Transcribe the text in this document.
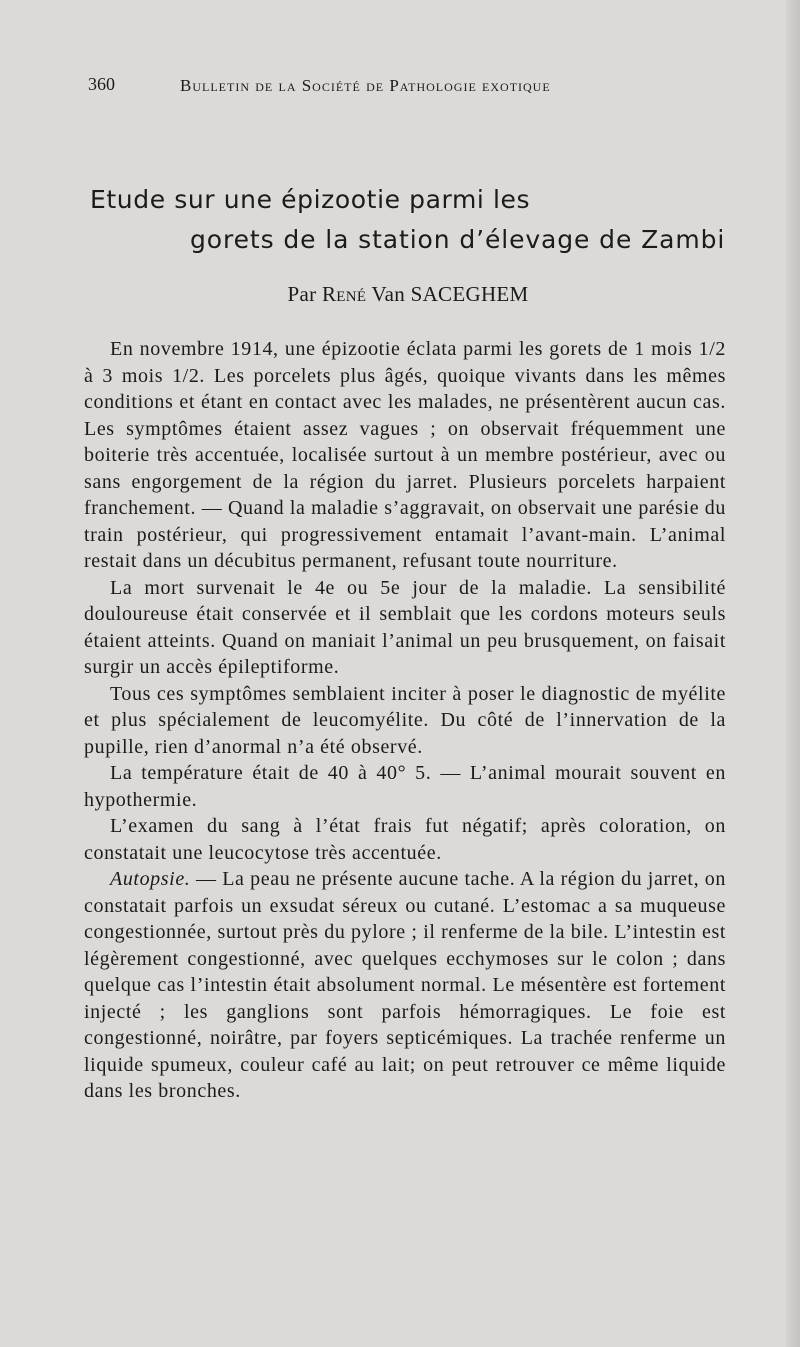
360	Bulletin de la Société de Pathologie exotique
Etude sur une épizootie parmi les
gorets de la station d’élevage de Zambi
Par René Van SACEGHEM

En novembre 1914, une épizootie éclata parmi les gorets de 1 mois 1/2 à 3 mois 1/2. Les porcelets plus âgés, quoique vivants dans les mêmes conditions et étant en contact avec les malades, ne présentèrent aucun cas. Les symptômes étaient assez vagues ; on observait fréquemment une boiterie très accentuée, localisée surtout à un membre postérieur, avec ou sans engorgement de la région du jarret. Plusieurs porcelets harpaient franchement. — Quand la maladie s’aggravait, on observait une parésie du train postérieur, qui progressivement entamait l’avant-main. L’animal restait dans un décubitus permanent, refusant toute nourriture.

La mort survenait le 4e ou 5e jour de la maladie. La sensibilité douloureuse était conservée et il semblait que les cordons moteurs seuls étaient atteints. Quand on maniait l’animal un peu brusquement, on faisait surgir un accès épileptiforme.

Tous ces symptômes semblaient inciter à poser le diagnostic de myélite et plus spécialement de leucomyélite. Du côté de l’innervation de la pupille, rien d’anormal n’a été observé.

La température était de 40 à 40° 5. — L’animal mourait souvent en hypothermie.

L’examen du sang à l’état frais fut négatif; après coloration, on constatait une leucocytose très accentuée.

Autopsie. — La peau ne présente aucune tache. A la région du jarret, on constatait parfois un exsudat séreux ou cutané. L’estomac a sa muqueuse congestionnée, surtout près du pylore ; il renferme de la bile. L’intestin est légèrement congestionné, avec quelques ecchymoses sur le colon ; dans quelque cas l’intestin était absolument normal. Le mésentère est fortement injecté ; les ganglions sont parfois hémorragiques. Le foie est congestionné, noirâtre, par foyers septicémiques. La trachée renferme un liquide spumeux, couleur café au lait; on peut retrouver ce même liquide dans les bronches.
